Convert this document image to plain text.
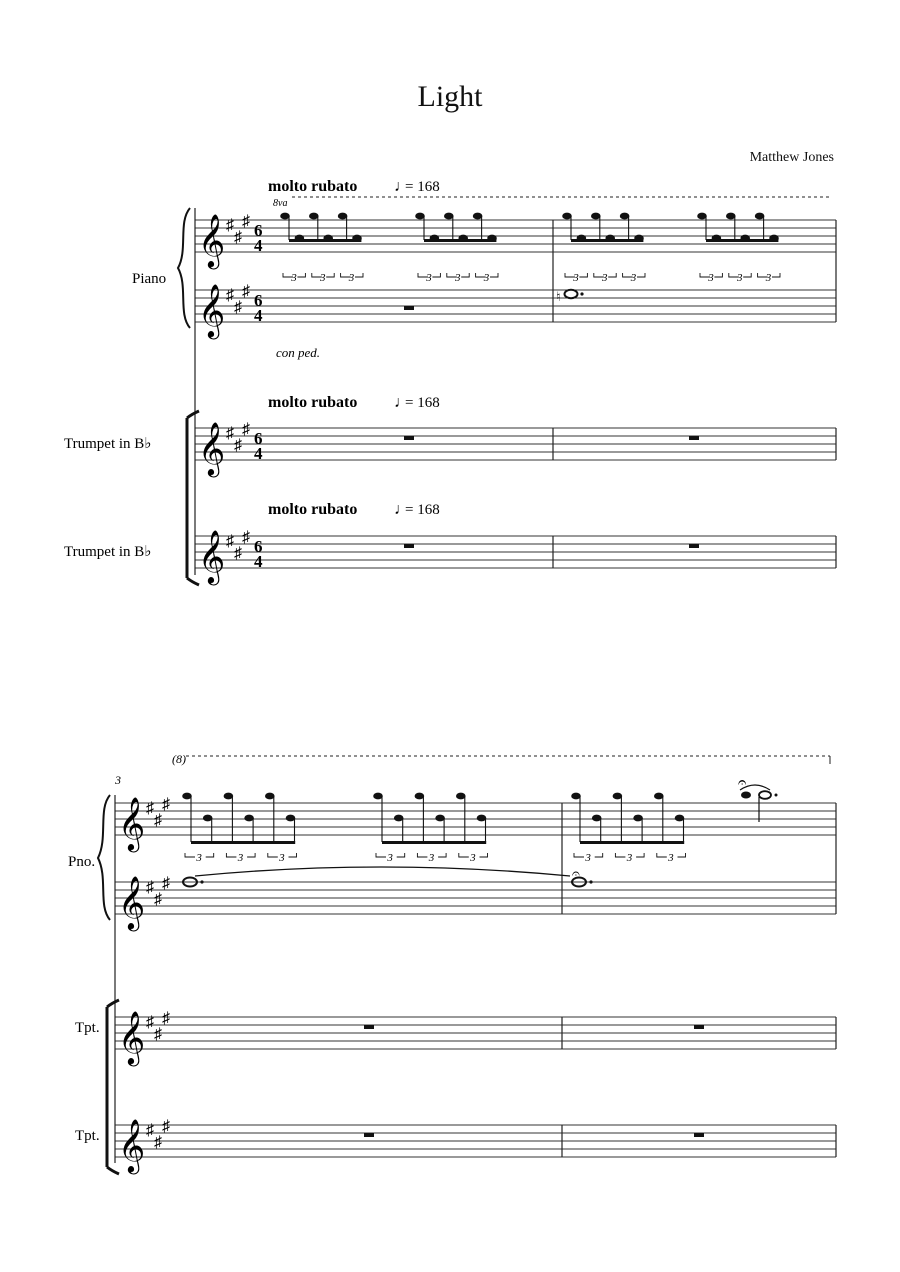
Light
Matthew Jones
molto rubato ♩
= 168
8va
molto rubato ♩
= 168
molto rubato ♩
= 168
Piano
Trumpet in B♭
Trumpet in B♭
𝄞 ♯
♯
♯ 6
4
𝄞 ♯
♯
♯ 6
4
𝄞 ♯
♯
♯ 6
4
𝄞 ♯
♯
♯ 6
4
♮
con ped.
3 3 3	3 3 3	3 3 3	3 3 3
3
(8)
Pno.
Tpt.
Tpt.
𝄞 ♯
♯
♯
𝄞 ♯
♯
♯
𝄞 ♯
♯
♯
𝄞 ♯
♯
♯
𝄐
𝄐
3	3	3	3	3	3	3	3	3
